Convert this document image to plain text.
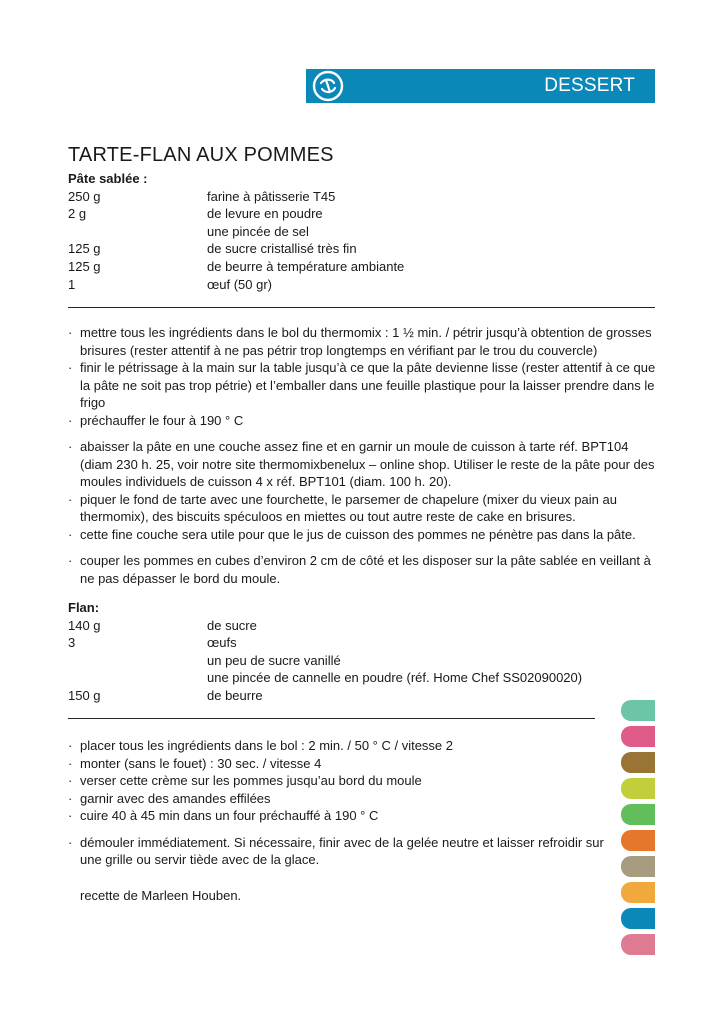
DESSERT
TARTE-FLAN AUX POMMES
Pâte sablée :
250 g	farine à pâtisserie T45
2 g	de levure en poudre
une pincée de sel
125 g	de sucre cristallisé très fin
125 g	de beurre à température ambiante
1	œuf (50 gr)
· mettre tous les ingrédients dans le bol du thermomix : 1 ½ min. / pétrir jusqu’à obtention de grosses brisures (rester attentif à ne pas pétrir trop longtemps en vérifiant par le trou du couvercle)
· finir le pétrissage à la main sur la table jusqu’à ce que la pâte devienne lisse (rester attentif à ce que la pâte ne soit pas trop pétrie) et l’emballer dans une feuille plastique pour la laisser prendre dans le frigo
· préchauffer le four à 190 ° C
· abaisser la pâte en une couche assez fine et en garnir un moule de cuisson à tarte réf. BPT104 (diam 230 h. 25, voir notre site thermomixbenelux – online shop. Utiliser le reste de la pâte pour des moules individuels de cuisson 4 x réf. BPT101 (diam. 100 h. 20).
· piquer le fond de tarte avec une fourchette, le parsemer de chapelure (mixer du vieux pain au thermomix), des biscuits spéculoos en miettes ou tout autre reste de cake en brisures.
· cette fine couche sera utile pour que le jus de cuisson des pommes ne pénètre pas dans la pâte.
· couper les pommes en cubes d’environ 2 cm de côté et les disposer sur la pâte sablée en veillant à ne pas dépasser le bord du moule.
Flan:
140 g	de sucre
3	œufs
un peu de sucre vanillé
une pincée de cannelle en poudre (réf. Home Chef SS02090020)
150 g	de beurre
· placer tous les ingrédients dans le bol : 2 min. / 50 ° C / vitesse 2
· monter (sans le fouet) : 30 sec. / vitesse 4
· verser cette crème sur les pommes jusqu’au bord du moule
· garnir avec des amandes effilées
· cuire 40 à 45 min dans un four préchauffé à 190 ° C
· démouler immédiatement. Si nécessaire, finir avec de la gelée neutre et laisser refroidir sur une grille ou servir tiède avec de la glace.
recette de Marleen Houben.
